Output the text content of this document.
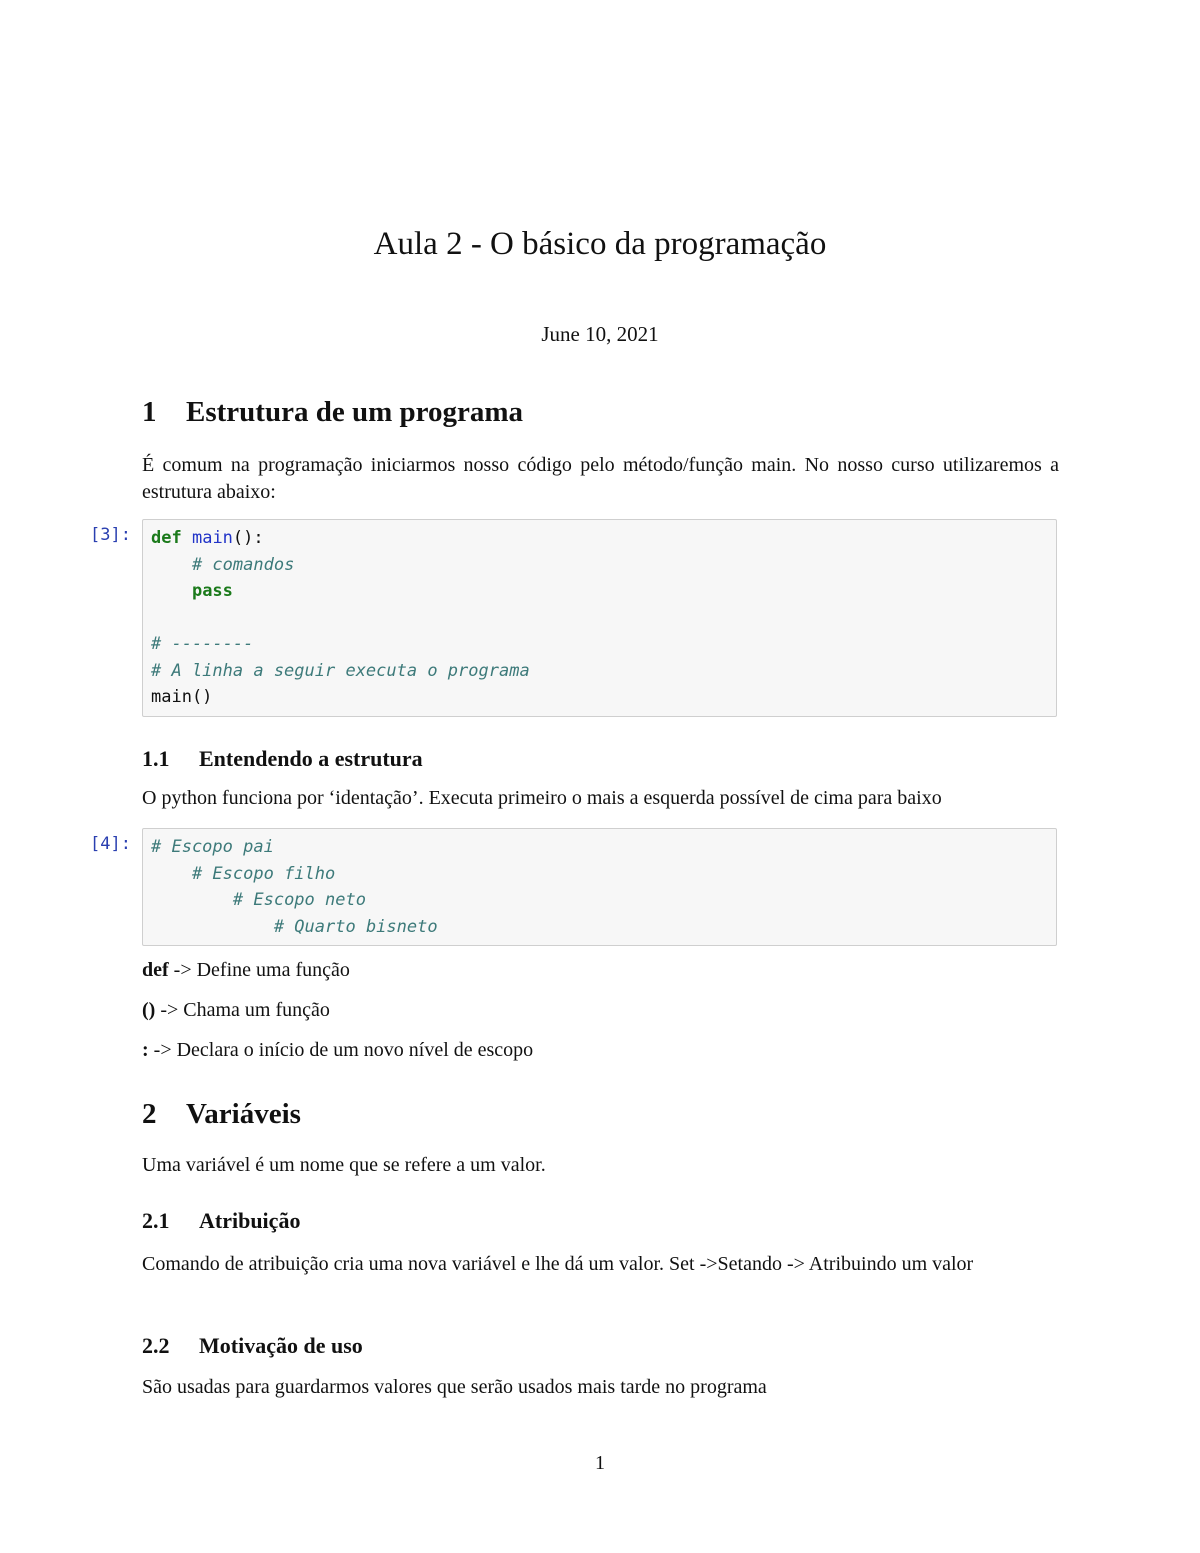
Aula 2 - O básico da programação
June 10, 2021
1 Estrutura de um programa

É comum na programação iniciarmos nosso código pelo método/função main. No nosso curso utilizaremos a estrutura abaixo:

[3]: def main():
# comandos
pass
# --------
# A linha a seguir executa o programa
main()
1.1 Entendendo a estrutura

O python funciona por ‘identação’. Executa primeiro o mais a esquerda possível de cima para baixo

[4]: # Escopo pai
# Escopo filho
# Escopo neto
# Quarto bisneto

def -> Define uma função

() -> Chama um função

: -> Declara o início de um novo nível de escopo

2 Variáveis

Uma variável é um nome que se refere a um valor.

2.1 Atribuição

Comando de atribuição cria uma nova variável e lhe dá um valor. Set ->Setando -> Atribuindo um valor

2.2 Motivação de uso

São usadas para guardarmos valores que serão usados mais tarde no programa

1
